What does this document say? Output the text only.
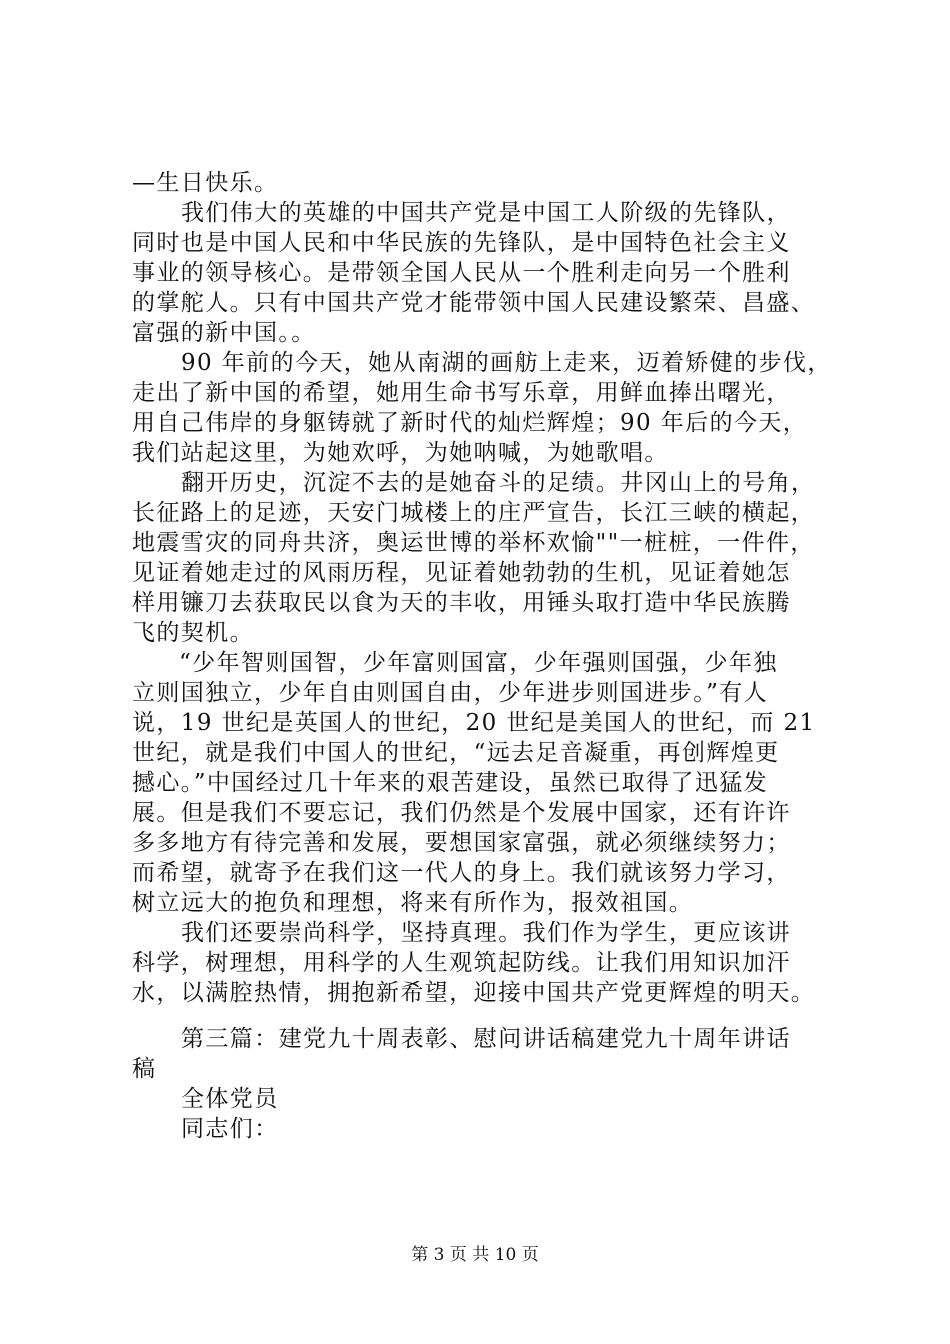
—生日快乐。
我们伟大的英雄的中国共产党是中国工人阶级的先锋队，
同时也是中国人民和中华民族的先锋队，是中国特色社会主义
事业的领导核心。是带领全国人民从一个胜利走向另一个胜利
的掌舵人。只有中国共产党才能带领中国人民建设繁荣、昌盛、
富强的新中国。。
90 年前的今天，她从南湖的画舫上走来，迈着矫健的步伐，
走出了新中国的希望，她用生命书写乐章，用鲜血捧出曙光，
用自己伟岸的身躯铸就了新时代的灿烂辉煌；90 年后的今天，
我们站起这里，为她欢呼，为她呐喊，为她歌唱。
翻开历史，沉淀不去的是她奋斗的足绩。井冈山上的号角，
长征路上的足迹，天安门城楼上的庄严宣告，长江三峡的横起，
地震雪灾的同舟共济，奥运世博的举杯欢愉""一桩桩，一件件，
见证着她走过的风雨历程，见证着她勃勃的生机，见证着她怎
样用镰刀去获取民以食为天的丰收，用锤头取打造中华民族腾
飞的契机。
“少年智则国智，少年富则国富，少年强则国强，少年独
立则国独立，少年自由则国自由，少年进步则国进步。”有人
说，19 世纪是英国人的世纪，20 世纪是美国人的世纪，而 21
世纪，就是我们中国人的世纪，“远去足音凝重，再创辉煌更
撼心。”中国经过几十年来的艰苦建设，虽然已取得了迅猛发
展。但是我们不要忘记，我们仍然是个发展中国家，还有许许
多多地方有待完善和发展，要想国家富强，就必须继续努力；
而希望，就寄予在我们这一代人的身上。我们就该努力学习，
树立远大的抱负和理想，将来有所作为，报效祖国。
我们还要崇尚科学，坚持真理。我们作为学生，更应该讲
科学，树理想，用科学的人生观筑起防线。让我们用知识加汗
水，以满腔热情，拥抱新希望，迎接中国共产党更辉煌的明天。
第三篇：建党九十周表彰、慰问讲话稿建党九十周年讲话
稿
全体党员
同志们：
第 3 页 共 10 页
